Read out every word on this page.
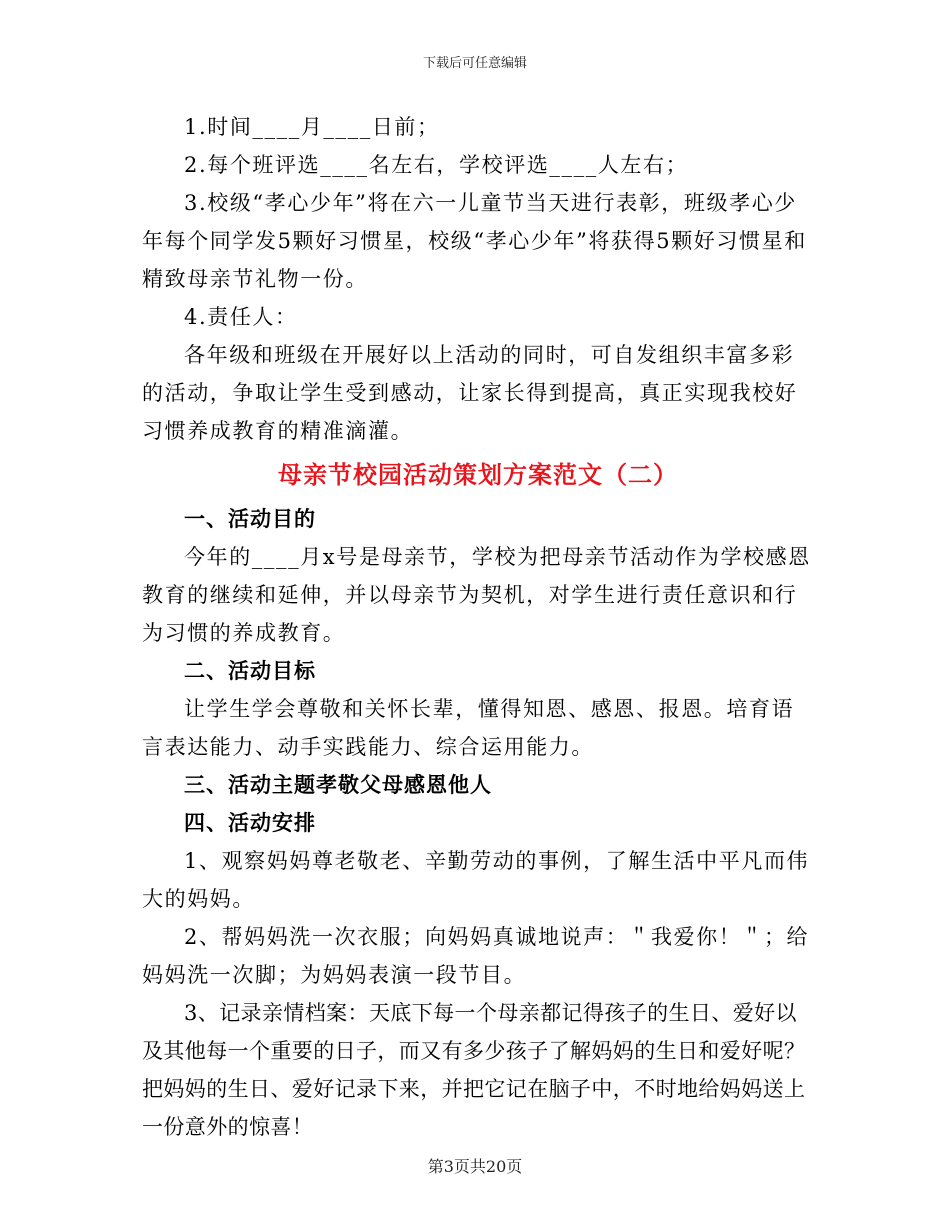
下载后可任意编辑

1.时间____月____日前；

2.每个班评选____名左右，学校评选____人左右；

3.校级“孝心少年”将在六一儿童节当天进行表彰，班级孝心少年每个同学发5颗好习惯星，校级“孝心少年”将获得5颗好习惯星和精致母亲节礼物一份。

4.责任人：

各年级和班级在开展好以上活动的同时，可自发组织丰富多彩的活动，争取让学生受到感动，让家长得到提高，真正实现我校好习惯养成教育的精准滴灌。

母亲节校园活动策划方案范文（二）

一、活动目的

今年的____月x号是母亲节，学校为把母亲节活动作为学校感恩教育的继续和延伸，并以母亲节为契机，对学生进行责任意识和行为习惯的养成教育。

二、活动目标

让学生学会尊敬和关怀长辈，懂得知恩、感恩、报恩。培育语言表达能力、动手实践能力、综合运用能力。

三、活动主题孝敬父母感恩他人

四、活动安排

1、观察妈妈尊老敬老、辛勤劳动的事例，了解生活中平凡而伟大的妈妈。

2、帮妈妈洗一次衣服；向妈妈真诚地说声：＂我爱你！＂；给妈妈洗一次脚；为妈妈表演一段节目。

3、记录亲情档案：天底下每一个母亲都记得孩子的生日、爱好以及其他每一个重要的日子，而又有多少孩子了解妈妈的生日和爱好呢？把妈妈的生日、爱好记录下来，并把它记在脑子中，不时地给妈妈送上一份意外的惊喜！

第3页共20页
